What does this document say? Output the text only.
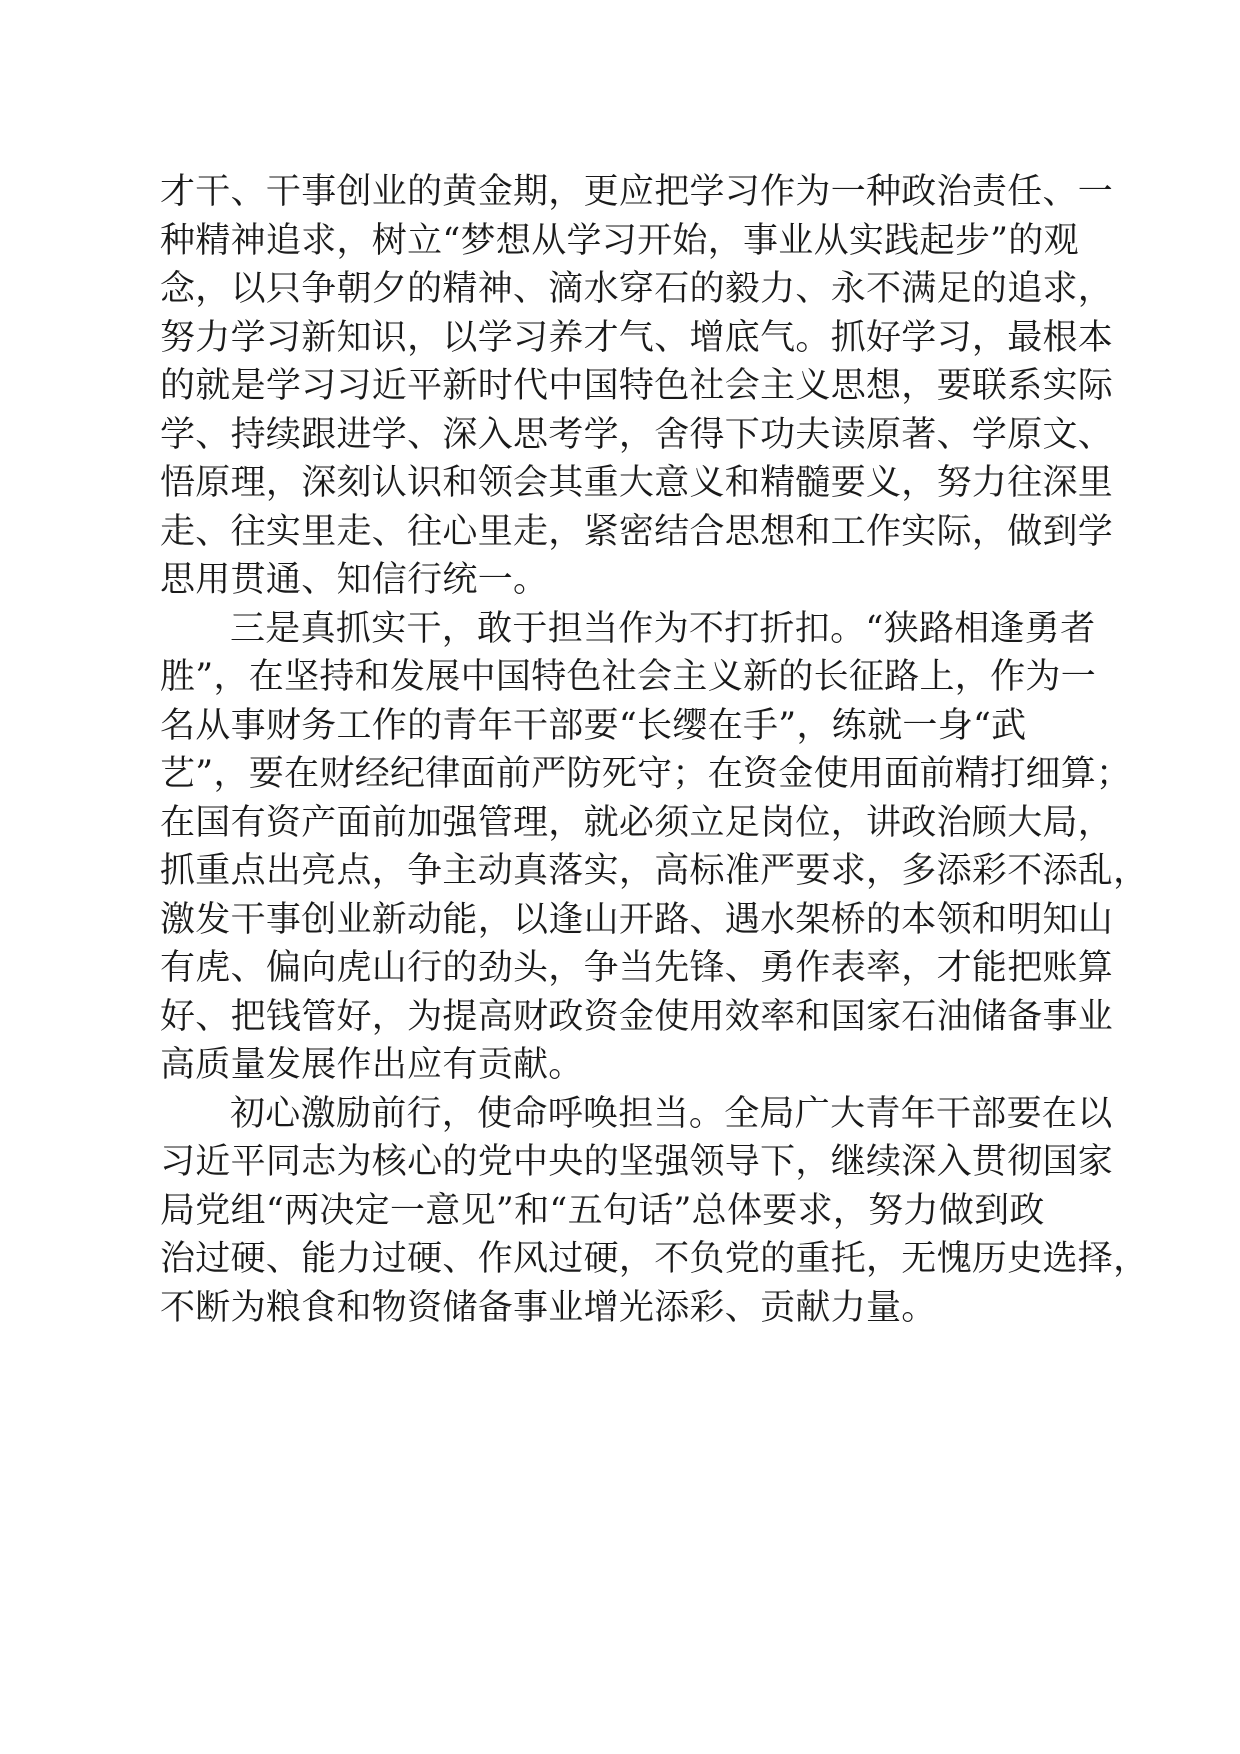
才干、干事创业的黄金期，更应把学习作为一种政治责任、一
种精神追求，树立“梦想从学习开始，事业从实践起步”的观
念，以只争朝夕的精神、滴水穿石的毅力、永不满足的追求，
努力学习新知识，以学习养才气、增底气。抓好学习，最根本
的就是学习习近平新时代中国特色社会主义思想，要联系实际
学、持续跟进学、深入思考学，舍得下功夫读原著、学原文、
悟原理，深刻认识和领会其重大意义和精髓要义，努力往深里
走、往实里走、往心里走，紧密结合思想和工作实际，做到学
思用贯通、知信行统一。
三是真抓实干，敢于担当作为不打折扣。“狭路相逢勇者
胜”，在坚持和发展中国特色社会主义新的长征路上，作为一
名从事财务工作的青年干部要“长缨在手”，练就一身“武
艺”，要在财经纪律面前严防死守；在资金使用面前精打细算；
在国有资产面前加强管理，就必须立足岗位，讲政治顾大局，
抓重点出亮点，争主动真落实，高标准严要求，多添彩不添乱，
激发干事创业新动能，以逢山开路、遇水架桥的本领和明知山
有虎、偏向虎山行的劲头，争当先锋、勇作表率，才能把账算
好、把钱管好，为提高财政资金使用效率和国家石油储备事业
高质量发展作出应有贡献。
初心激励前行，使命呼唤担当。全局广大青年干部要在以
习近平同志为核心的党中央的坚强领导下，继续深入贯彻国家
局党组“两决定一意见”和“五句话”总体要求，努力做到政
治过硬、能力过硬、作风过硬，不负党的重托，无愧历史选择，
不断为粮食和物资储备事业增光添彩、贡献力量。
